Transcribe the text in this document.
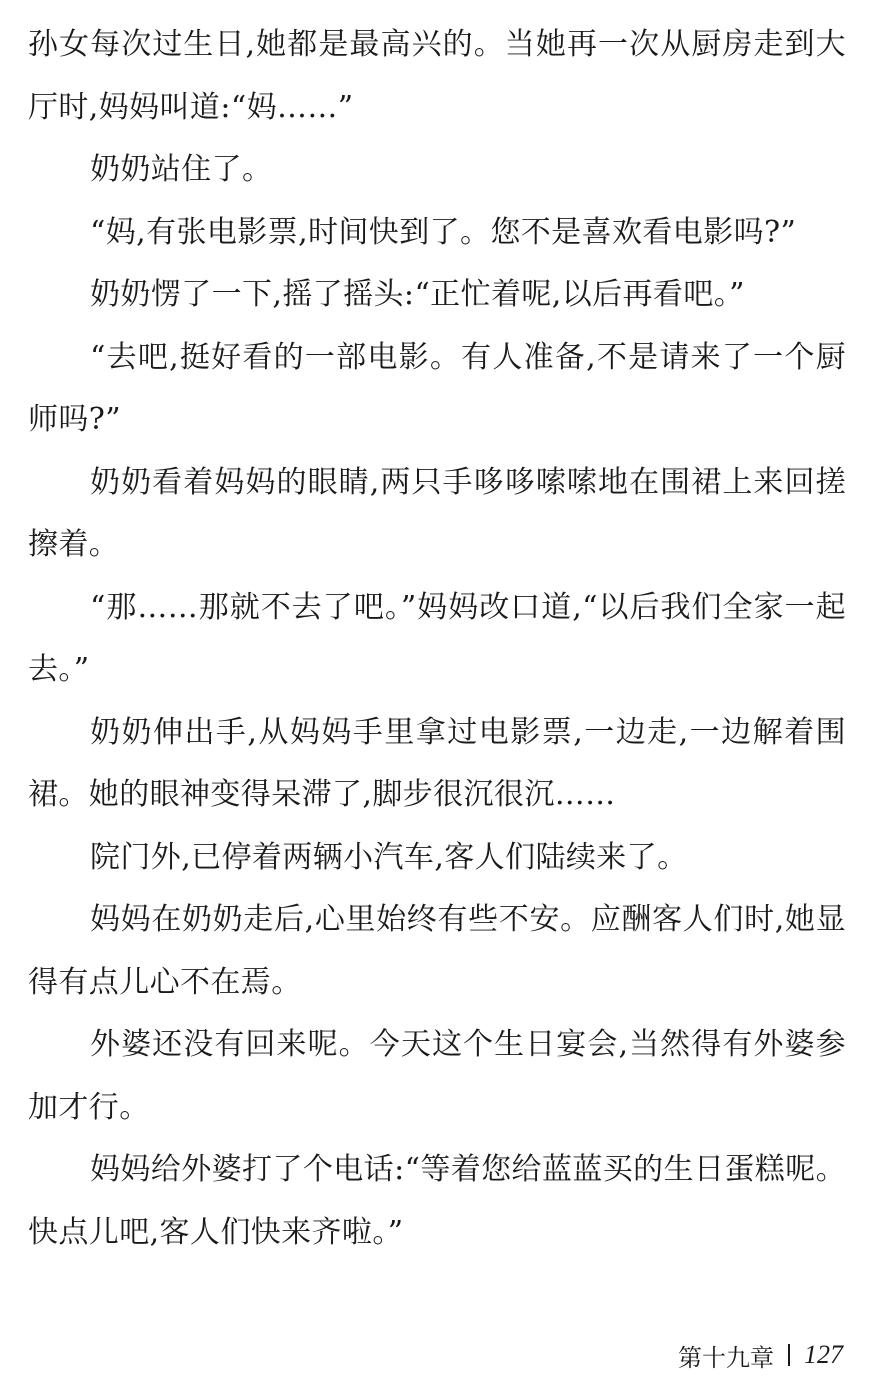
孙女每次过生日,她都是最高兴的。当她再一次从厨房走到大厅时,妈妈叫道:“妈……”

奶奶站住了。

“妈,有张电影票,时间快到了。您不是喜欢看电影吗?”

奶奶愣了一下,摇了摇头:“正忙着呢,以后再看吧。”

“去吧,挺好看的一部电影。有人准备,不是请来了一个厨师吗?”

奶奶看着妈妈的眼睛,两只手哆哆嗦嗦地在围裙上来回搓擦着。

“那……那就不去了吧。”妈妈改口道,“以后我们全家一起去。”

奶奶伸出手,从妈妈手里拿过电影票,一边走,一边解着围裙。她的眼神变得呆滞了,脚步很沉很沉……

院门外,已停着两辆小汽车,客人们陆续来了。

妈妈在奶奶走后,心里始终有些不安。应酬客人们时,她显得有点儿心不在焉。

外婆还没有回来呢。今天这个生日宴会,当然得有外婆参加才行。

妈妈给外婆打了个电话:“等着您给蓝蓝买的生日蛋糕呢。快点儿吧,客人们快来齐啦。”

第十九章 127
